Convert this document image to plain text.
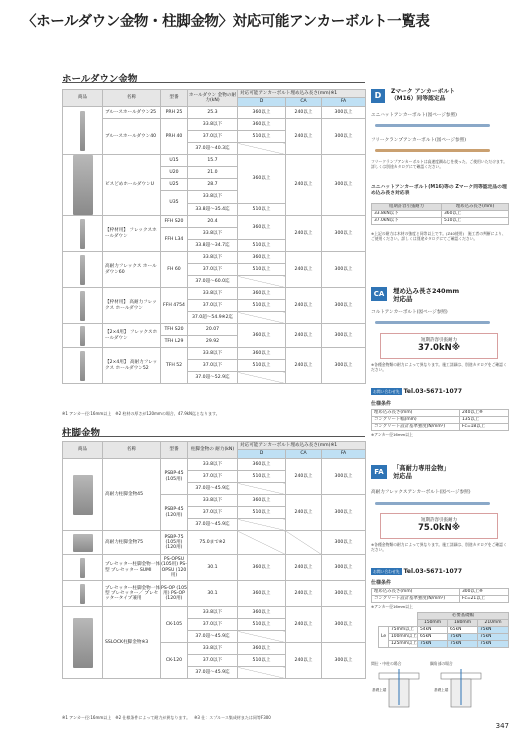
〈ホールダウン金物・柱脚金物〉対応可能アンカーボルト一覧表
ホールダウン金物
商品	名称	型番	ホールダウン 金物の耐力(kN)	対応可能アンカーボルト埋め込み長さ(mm)※1		
				D	CA	FA

	ブルースホールダウン25	PRH 25	25.3	360以上	240以上	300以上
	ブルースホールダウン40	PRH 40	33.8以下	360以上	240以上	300以上
			37.0以下	510以上		
			37.0超～40.3迄			

	ビスどめホールダウンU	U15	15.7	360以上	240以上	300以上
		U20	21.0			
		U25	28.7			
		U35	33.8以下			

			33.8超～35.4迄	510以上		

	【枠材用】 フレックスホールダウン	FFH S20	20.4	360以上	240以上	300以上
		FFH L34	33.8以下			
			33.8超～34.7迄	510以上		

	高耐力フレックス ホールダウン60	FH 60	33.8以下	360以上	240以上	300以上
			37.0以下	510以上		
			37.0超～60.0迄			

	【枠材用】 高耐力フレックス ホールダウン	FFH 4754	33.8以下	360以上	240以上	300以上
			37.0以下	510以上		
			37.0超～54.9※2迄			

	【2×4用】 フレックスホールダウン	TFH S20	20.07	360以上	240以上	300以上
		TFH L29	29.92			

	【2×4用】 高耐力フレックス ホールダウン52	TFH 52	33.8以下	360以上	240以上	300以上
			37.0以下	510以上		
			37.0超～52.9迄			
※1 アンカー径:16mm以上　※2 柱材の厚さが120mmの場合、47.9kN迄となります。
柱脚金物
商品	名称	型番	柱脚金物の 耐力(kN)	対応可能アンカーボルト埋め込み長さ(mm)※1		
				D	CA	FA

	高耐力柱脚金物45	PSBP-45 (105用)	33.8以下	360以上	240以上	300以上
			37.0以下	510以上		
			37.0超～45.9迄			
		PSBP-45 (120用)	33.8以下	360以上	240以上	300以上
			37.0以下	510以上		
			37.0超～45.9迄			

	高耐力柱脚金物75	PSBP-75 (105用) (120用)	75.0まで※2			300以上

	プレセッター柱脚金物一体型 プレセッター SUMI	PS-OPSU (105用) PS-OPSU (120用)	30.1	360以上	240以上	300以上

	プレセッター柱脚金物一体型 プレセッター／ プレセッタータイプ兼用	PS-OP (105用) PS-OP (120用)	30.1	360以上	240以上	300以上

	SSLOCK柱脚金物※3	CK-105	33.8以下	360以上	240以上	300以上
			37.0以下	510以上		
			37.0超～45.9迄			
		CK-120	33.8以下	360以上	240以上	300以上
			37.0以下	510以上		
			37.0超～45.9迄			
※1 アンカー径:16mm以上　※2 仕様条件によって耐力が異なります。　※3 仕：スプルース集成材または同等F300
D	Zマーク アンカーボルト
（M16）同等認定品
ユニハットアンカーボルト(図ページ参照)
フリークランプアンカーボルト(図ページ参照)
フリークランプアンカーボルトは高速度鋼ねじを使った、ご使用いただけます。詳しくは別途カタログにて確認ください。
ユニハットアンカーボルト(M16)等の Zマーク同等認定品の埋め込み長さ対応表
短期許容引張耐力	埋め込み長さ(mm)
33.8kN以下	360以上
37.0kN以下	510以上
※上記の耐力は木材の強度と同等以上です。(Z40使用)　施工者の判断により、ご使用ください。詳しくは別途カタログにてご確認ください。
CA	埋め込み長さ240mm
対応品
コルトアンカーボルト(図ページ参照)
短期許容引張耐力
37.0kN※
※各種金物類の耐力によって異なります。施工詳細は、別途カタログをご確認ください。
お問い合わせ先 Tel.03-5671-1077
仕様条件
埋め込み長さ(mm)	240以上※
コンクリート幅(mm)	135以上
コンクリート設計基準強度(N/mm²)	Fc=18以上
※アンカー径16mm以上
FA	「高耐力専用金物」
対応品
高耐力フレックスアンカーボルト(図ページ参照)
短期許容引張耐力
75.0kN※
※各種金物類の耐力によって異なります。施工詳細は、別途カタログをご確認ください。
お問い合わせ先 Tel.03-5671-1077
仕様条件
埋め込み長さ(mm)	300以上※
コンクリート設計基準強度(N/mm²)	Fc=21以上
※アンカー径16mm以上
		必要基礎幅		
		150mm	180mm	210mm
Le	75mm以上	54kN	65kN	75kN
	100mm以上	65kN	75kN	75kN
	125mm以上	75kN	75kN	75kN
間仕・中柱の場合	隅角部の場合
基礎上端	基礎上端
347
